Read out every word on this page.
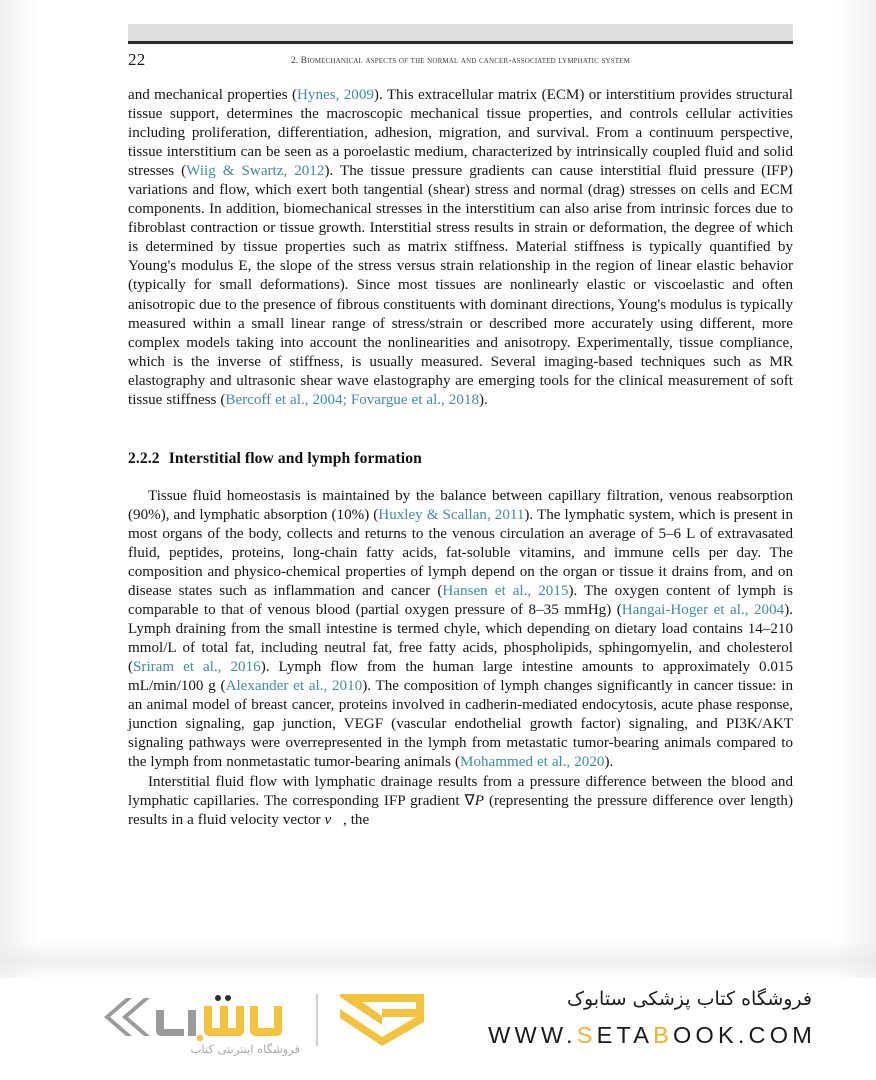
22	2. Biomechanical aspects of the normal and cancer-associated lymphatic system

and mechanical properties (Hynes, 2009). This extracellular matrix (ECM) or interstitium provides structural tissue support, determines the macroscopic mechanical tissue properties, and controls cellular activities including proliferation, differentiation, adhesion, migration, and survival. From a continuum perspective, tissue interstitium can be seen as a poroelastic medium, characterized by intrinsically coupled fluid and solid stresses (Wiig & Swartz, 2012). The tissue pressure gradients can cause interstitial fluid pressure (IFP) variations and flow, which exert both tangential (shear) stress and normal (drag) stresses on cells and ECM components. In addition, biomechanical stresses in the interstitium can also arise from intrinsic forces due to fibroblast contraction or tissue growth. Interstitial stress results in strain or deformation, the degree of which is determined by tissue properties such as matrix stiffness. Material stiffness is typically quantified by Young's modulus E, the slope of the stress versus strain relationship in the region of linear elastic behavior (typically for small deformations). Since most tissues are nonlinearly elastic or viscoelastic and often anisotropic due to the presence of fibrous constituents with dominant directions, Young's modulus is typically measured within a small linear range of stress/strain or described more accurately using different, more complex models taking into account the nonlinearities and anisotropy. Experimentally, tissue compliance, which is the inverse of stiffness, is usually measured. Several imaging-based techniques such as MR elastography and ultrasonic shear wave elastography are emerging tools for the clinical measurement of soft tissue stiffness (Bercoff et al., 2004; Fovargue et al., 2018).

2.2.2 Interstitial flow and lymph formation

Tissue fluid homeostasis is maintained by the balance between capillary filtration, venous reabsorption (90%), and lymphatic absorption (10%) (Huxley & Scallan, 2011). The lymphatic system, which is present in most organs of the body, collects and returns to the venous circulation an average of 5–6 L of extravasated fluid, peptides, proteins, long-chain fatty acids, fat-soluble vitamins, and immune cells per day. The composition and physico-chemical properties of lymph depend on the organ or tissue it drains from, and on disease states such as inflammation and cancer (Hansen et al., 2015). The oxygen content of lymph is comparable to that of venous blood (partial oxygen pressure of 8–35 mmHg) (Hangai-Hoger et al., 2004). Lymph draining from the small intestine is termed chyle, which depending on dietary load contains 14–210 mmol/L of total fat, including neutral fat, free fatty acids, phospholipids, sphingomyelin, and cholesterol (Sriram et al., 2016). Lymph flow from the human large intestine amounts to approximately 0.015 mL/min/100 g (Alexander et al., 2010). The composition of lymph changes significantly in cancer tissue: in an animal model of breast cancer, proteins involved in cadherin-mediated endocytosis, acute phase response, junction signaling, gap junction, VEGF (vascular endothelial growth factor) signaling, and PI3K/AKT signaling pathways were overrepresented in the lymph from metastatic tumor-bearing animals compared to the lymph from nonmetastatic tumor-bearing animals (Mohammed et al., 2020).

Interstitial fluid flow with lymphatic drainage results from a pressure difference between the blood and lymphatic capillaries. The corresponding IFP gradient ∇P (representing the pressure difference over length) results in a fluid velocity vector v⃗, the

فروشگاه اینترنتی کتاب
فروشگاه کتاب پزشکی ستابوک
WWW.SETABOOK.COM
